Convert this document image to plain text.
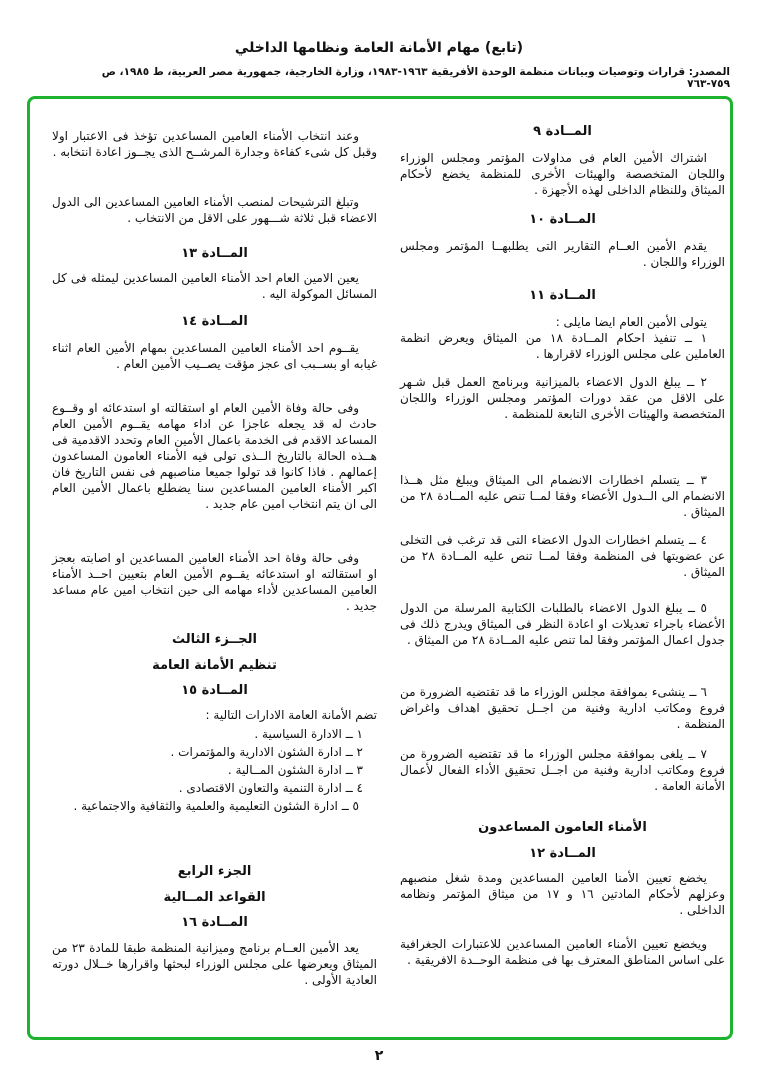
(تابع) مهام الأمانة العامة ونظامها الداخلي
المصدر: قرارات وتوصيات وبيانات منظمة الوحدة الأفريقية ١٩٦٣-١٩٨٣، وزارة الخارجية، جمهورية مصر العربية، ط ١٩٨٥، ص ٧٥٩-٧٦٣
المــادة ٩
اشتراك الأمين العام فى مداولات المؤتمر ومجلس الوزراء واللجان المتخصصة والهيئات الأخرى للمنظمة يخضع لأحكام الميثاق وللنظام الداخلى لهذه الأجهزة .
المــادة ١٠
يقدم الأمين العــام التقارير التى يطلبهــا المؤتمر ومجلس الوزراء واللجان .
المــادة ١١
يتولى الأمين العام ايضا مايلى :
١ ــ تنفيذ احكام المــادة ١٨ من الميثاق ويعرض انظمة العاملين على مجلس الوزراء لاقرارها .
٢ ــ يبلغ الدول الاعضاء بالميزانية وبرنامج العمل قبل شـهر على الاقل من عقد دورات المؤتمر ومجلس الوزراء واللجان المتخصصة والهيئات الأخرى التابعة للمنظمة .
٣ ــ يتسلم اخطارات الانضمام الى الميثاق ويبلغ مثل هــذا الانضمام الى الــدول الأعضاء وفقا لمــا تنص عليه المــادة ٢٨ من الميثاق .
٤ ــ يتسلم اخطارات الدول الاعضاء التى قد ترغب فى التخلى عن عضويتها فى المنظمة وفقا لمــا تنص عليه المــادة ٢٨ من الميثاق .
٥ ــ يبلغ الدول الاعضاء بالطلبات الكتابية المرسلة من الدول الأعضاء باجراء تعديلات او اعادة النظر فى الميثاق ويدرج ذلك فى جدول اعمال المؤتمر وفقا لما تنص عليه المــادة ٢٨ من الميثاق .
٦ ــ ينشىء بموافقة مجلس الوزراء ما قد تقتضيه الضرورة من فروع ومكاتب ادارية وفنية من اجــل تحقيق اهداف واغراض المنظمة .
٧ ــ يلغى بموافقة مجلس الوزراء ما قد تقتضيه الضرورة من فروع ومكاتب ادارية وفنية من اجــل تحقيق الأداء الفعال لأعمال الأمانة العامة .
الأمناء العامون المساعدون
المــادة ١٢
يخضع تعيين الأمنا العامين المساعدين ومدة شغل منصبهم وعزلهم لأحكام المادتين ١٦ و ١٧ من ميثاق المؤتمر ونظامه الداخلى .
ويخضع تعيين الأمناء العامين المساعدين للاعتبارات الجغرافية على اساس المناطق المعترف بها فى منظمة الوحــدة الافريقية .
وعند انتخاب الأمناء العامين المساعدين تؤخذ فى الاعتبار اولا وقبل كل شىء كفاءة وجدارة المرشــح الذى يجــوز اعادة انتخابه .
وتبلغ الترشيحات لمنصب الأمناء العامين المساعدين الى الدول الاعضاء قبل ثلاثة شـــهور على الاقل من الانتخاب .
المــادة ١٣
يعين الامين العام احد الأمناء العامين المساعدين ليمثله فى كل المسائل الموكولة اليه .
المــادة ١٤
يقــوم احد الأمناء العامين المساعدين بمهام الأمين العام اثناء غيابه او بســبب اى عجز مؤقت يصــيب الأمين العام .
وفى حالة وفاة الأمين العام او استقالته او استدعائه او وقــوع حادث له قد يجعله عاجزا عن اداء مهامه يقــوم الأمين العام المساعد الاقدم فى الخدمة باعمال الأمين العام وتحدد الاقدمية فى هــذه الحالة بالتاريخ الــذى تولى فيه الأمناء العامون المساعدون إعمالهم . فاذا كانوا قد تولوا جميعا مناصبهم فى نفس التاريخ فان اكبر الأمناء العامين المساعدين سنا يضطلع باعمال الأمين العام الى ان يتم انتخاب امين عام جديد .
وفى حالة وفاة احد الأمناء العامين المساعدين او اصابته بعجز او استقالته او استدعائه يقــوم الأمين العام بتعيين احــد الأمناء العامين المساعدين لأداء مهامه الى حين انتخاب امين عام مساعد جديد .
الجــزء الثالث
تنظيم الأمانة العامة
المــادة ١٥
تضم الأمانة العامة الادارات التالية :
١ ــ الادارة السياسية .
٢ ــ ادارة الشئون الادارية والمؤتمرات .
٣ ــ ادارة الشئون المــالية .
٤ ــ ادارة التنمية والتعاون الاقتصادى .
٥ ــ ادارة الشئون التعليمية والعلمية والثقافية والاجتماعية .
الجزء الرابع
القواعد المــالية
المــادة ١٦
يعد الأمين العــام برنامج وميزانية المنظمة طبقا للمادة ٢٣ من الميثاق ويعرضها على مجلس الوزراء لبحثها واقرارها خــلال دورته العادية الأولى .
٢
